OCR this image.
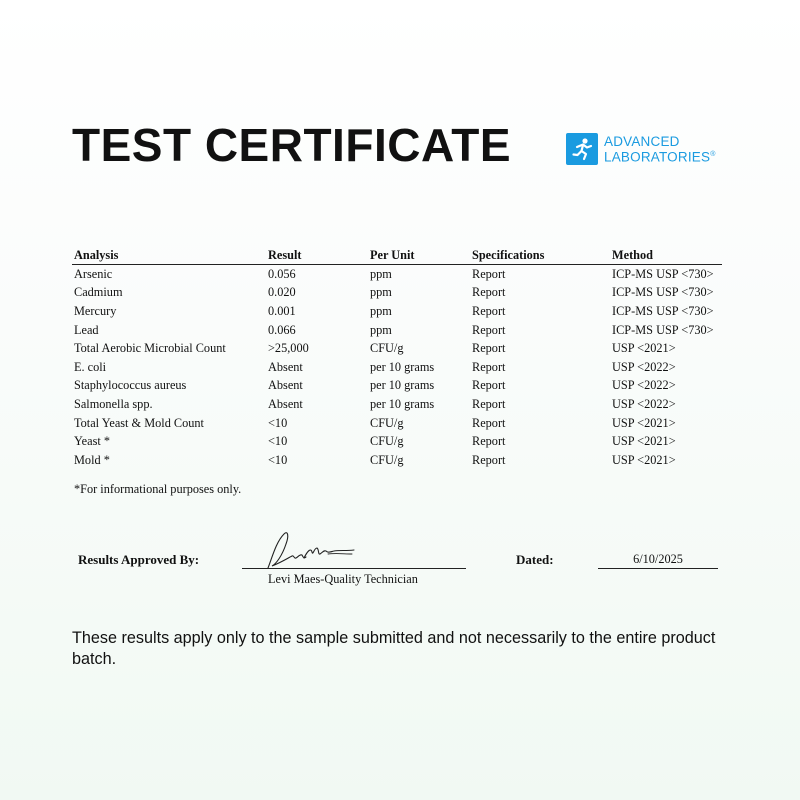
TEST CERTIFICATE	ADVANCED
LABORATORIES®
Analysis	Result	Per Unit	Specifications	Method
Arsenic	0.056	ppm	Report	ICP-MS USP <730>
Cadmium	0.020	ppm	Report	ICP-MS USP <730>
Mercury	0.001	ppm	Report	ICP-MS USP <730>
Lead	0.066	ppm	Report	ICP-MS USP <730>
Total Aerobic Microbial Count	>25,000	CFU/g	Report	USP <2021>
E. coli	Absent	per 10 grams	Report	USP <2022>
Staphylococcus aureus	Absent	per 10 grams	Report	USP <2022>
Salmonella spp.	Absent	per 10 grams	Report	USP <2022>
Total Yeast & Mold Count	<10	CFU/g	Report	USP <2021>
Yeast *	<10	CFU/g	Report	USP <2021>
Mold *	<10	CFU/g	Report	USP <2021>

*For informational purposes only.

Results Approved By:
Levi Maes-Quality Technician
Dated:	6/10/2025

These results apply only to the sample submitted and not necessarily to the entire product batch.
